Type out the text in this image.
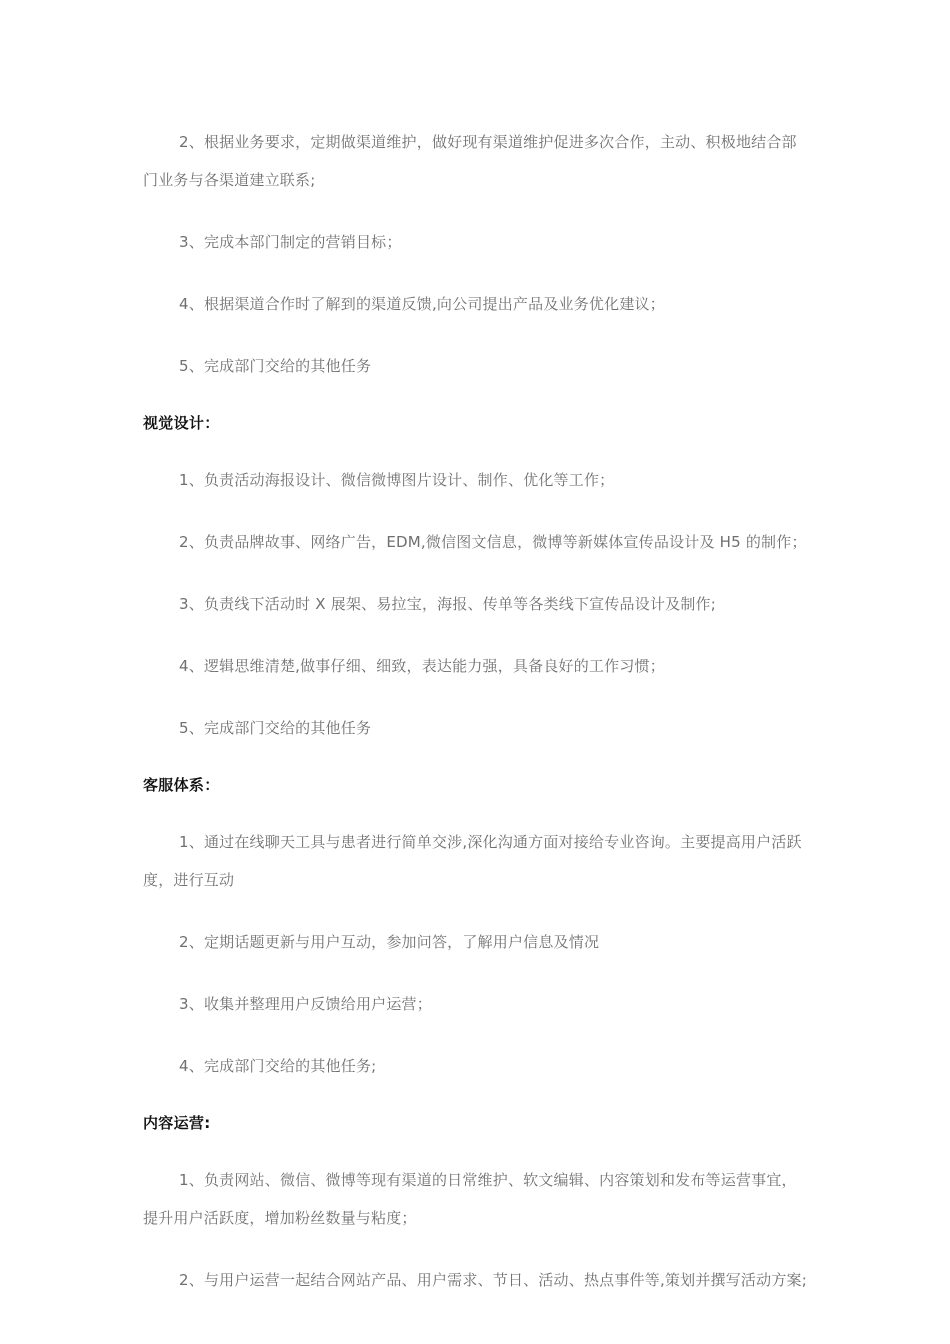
2、根据业务要求，定期做渠道维护，做好现有渠道维护促进多次合作，主动、积极地结合部门业务与各渠道建立联系;

3、完成本部门制定的营销目标；

4、根据渠道合作时了解到的渠道反馈,向公司提出产品及业务优化建议；

5、完成部门交给的其他任务

视觉设计：

1、负责活动海报设计、微信微博图片设计、制作、优化等工作；

2、负责品牌故事、网络广告，EDM,微信图文信息，微博等新媒体宣传品设计及 H5 的制作；

3、负责线下活动时 X 展架、易拉宝，海报、传单等各类线下宣传品设计及制作;

4、逻辑思维清楚,做事仔细、细致，表达能力强，具备良好的工作习惯；

5、完成部门交给的其他任务

客服体系：

1、通过在线聊天工具与患者进行简单交涉,深化沟通方面对接给专业咨询。主要提高用户活跃度，进行互动

2、定期话题更新与用户互动，参加问答，了解用户信息及情况

3、收集并整理用户反馈给用户运营；

4、完成部门交给的其他任务;

内容运营:

1、负责网站、微信、微博等现有渠道的日常维护、软文编辑、内容策划和发布等运营事宜，提升用户活跃度，增加粉丝数量与粘度；

2、与用户运营一起结合网站产品、用户需求、节日、活动、热点事件等,策划并撰写活动方案;
